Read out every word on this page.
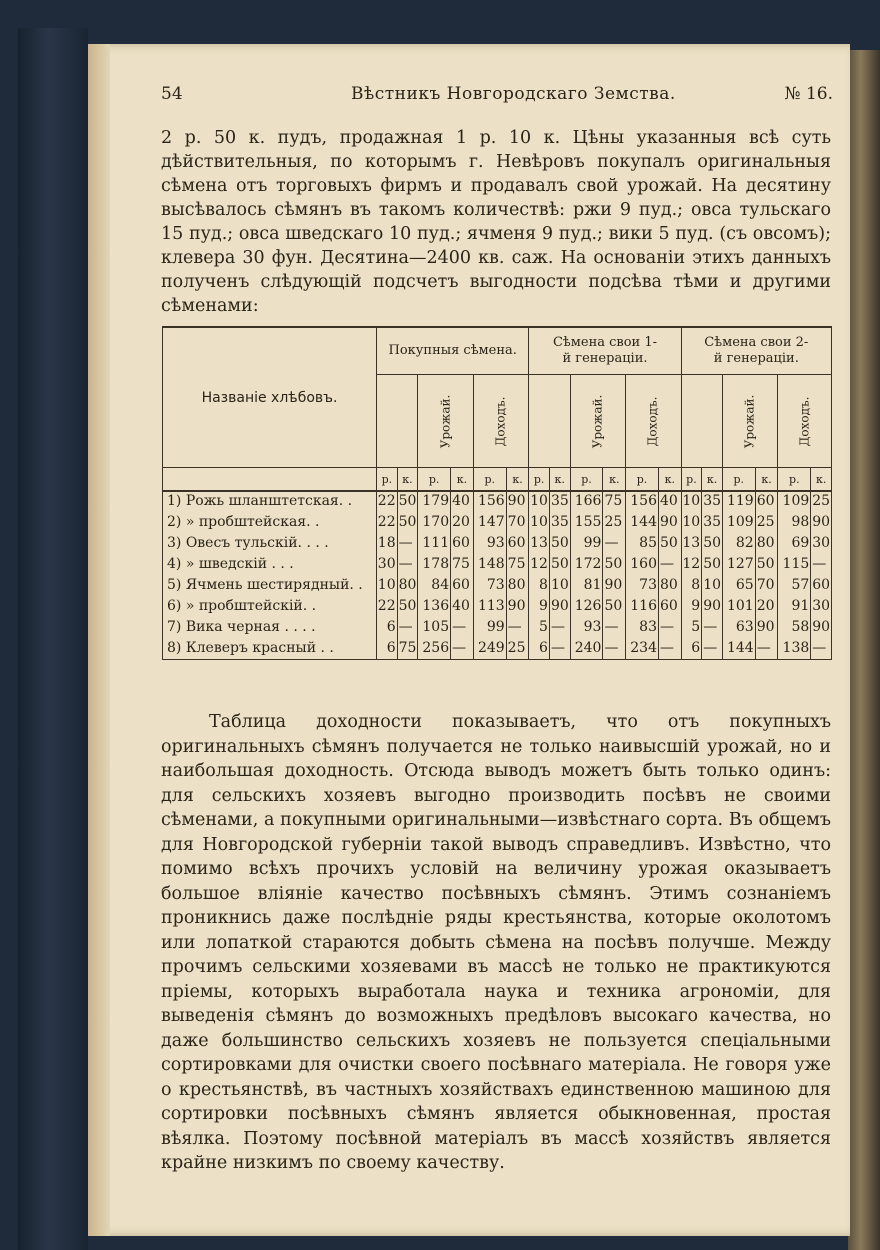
54	Вѣстникъ Новгородскаго Земства.	№ 16.

2 р. 50 к. пудъ, продажная 1 р. 10 к. Цѣны указанныя всѣ суть дѣйствительныя, по которымъ г. Невѣровъ покупалъ оригинальныя сѣмена отъ торговыхъ фирмъ и продавалъ свой урожай. На десятину высѣвалось сѣмянъ въ такомъ количествѣ: ржи 9 пуд.; овса тульскаго 15 пуд.; овса шведскаго 10 пуд.; ячменя 9 пуд.; вики 5 пуд. (съ овсомъ); клевера 30 фун. Десятина—2400 кв. саж. На основаніи этихъ данныхъ полученъ слѣдующій подсчетъ выгодности подсѣва тѣми и другими сѣменами:

Названіе хлѣбовъ.	Покупныя сѣмена.						Сѣмена свои 1-й генераціи.						Сѣмена свои 2-й генераціи.					
	Урожай.		Доходъ.				Урожай.		Доходъ.				Урожай.		Доходъ.	
	р.	к.	р.	к.	р.	к.	р.	к.	р.	к.	р.	к.	р.	к.	р.	к.	р.	к.

1) Рожь шланштетская. .	22	50	179	40	156	90	10	35	166	75	156	40	10	35	119	60	109	25
2) » пробштейская. .	22	50	170	20	147	70	10	35	155	25	144	90	10	35	109	25	98	90
3) Овесъ тульскій. . . .	18	—	111	60	93	60	13	50	99	—	85	50	13	50	82	80	69	30
4) » шведскій . . .	30	—	178	75	148	75	12	50	172	50	160	—	12	50	127	50	115	—
5) Ячмень шестирядный. .	10	80	84	60	73	80	8	10	81	90	73	80	8	10	65	70	57	60
6) » пробштейскій. .	22	50	136	40	113	90	9	90	126	50	116	60	9	90	101	20	91	30
7) Вика черная . . . .	6	—	105	—	99	—	5	—	93	—	83	—	5	—	63	90	58	90
8) Клеверъ красный . .	6	75	256	—	249	25	6	—	240	—	234	—	6	—	144	—	138	—

Таблица доходности показываетъ, что отъ покупныхъ оригинальныхъ сѣмянъ получается не только наивысшій урожай, но и наибольшая доходность. Отсюда выводъ можетъ быть только одинъ: для сельскихъ хозяевъ выгодно производить посѣвъ не своими сѣменами, а покупными оригинальными—извѣстнаго сорта. Въ общемъ для Новгородской губерніи такой выводъ справедливъ. Извѣстно, что помимо всѣхъ прочихъ условій на величину урожая оказываетъ большое вліяніе качество посѣвныхъ сѣмянъ. Этимъ сознаніемъ проникнись даже послѣдніе ряды крестьянства, которые околотомъ или лопаткой стараются добыть сѣмена на посѣвъ получше. Между прочимъ сельскими хозяевами въ массѣ не только не практикуются пріемы, которыхъ выработала наука и техника агрономіи, для выведенія сѣмянъ до возможныхъ предѣловъ высокаго качества, но даже большинство сельскихъ хозяевъ не пользуется спеціальными сортировками для очистки своего посѣвнаго матеріала. Не говоря уже о крестьянствѣ, въ частныхъ хозяйствахъ единственною машиною для сортировки посѣвныхъ сѣмянъ является обыкновенная, простая вѣялка. Поэтому посѣвной матеріалъ въ массѣ хозяйствъ является крайне низкимъ по своему качеству.
